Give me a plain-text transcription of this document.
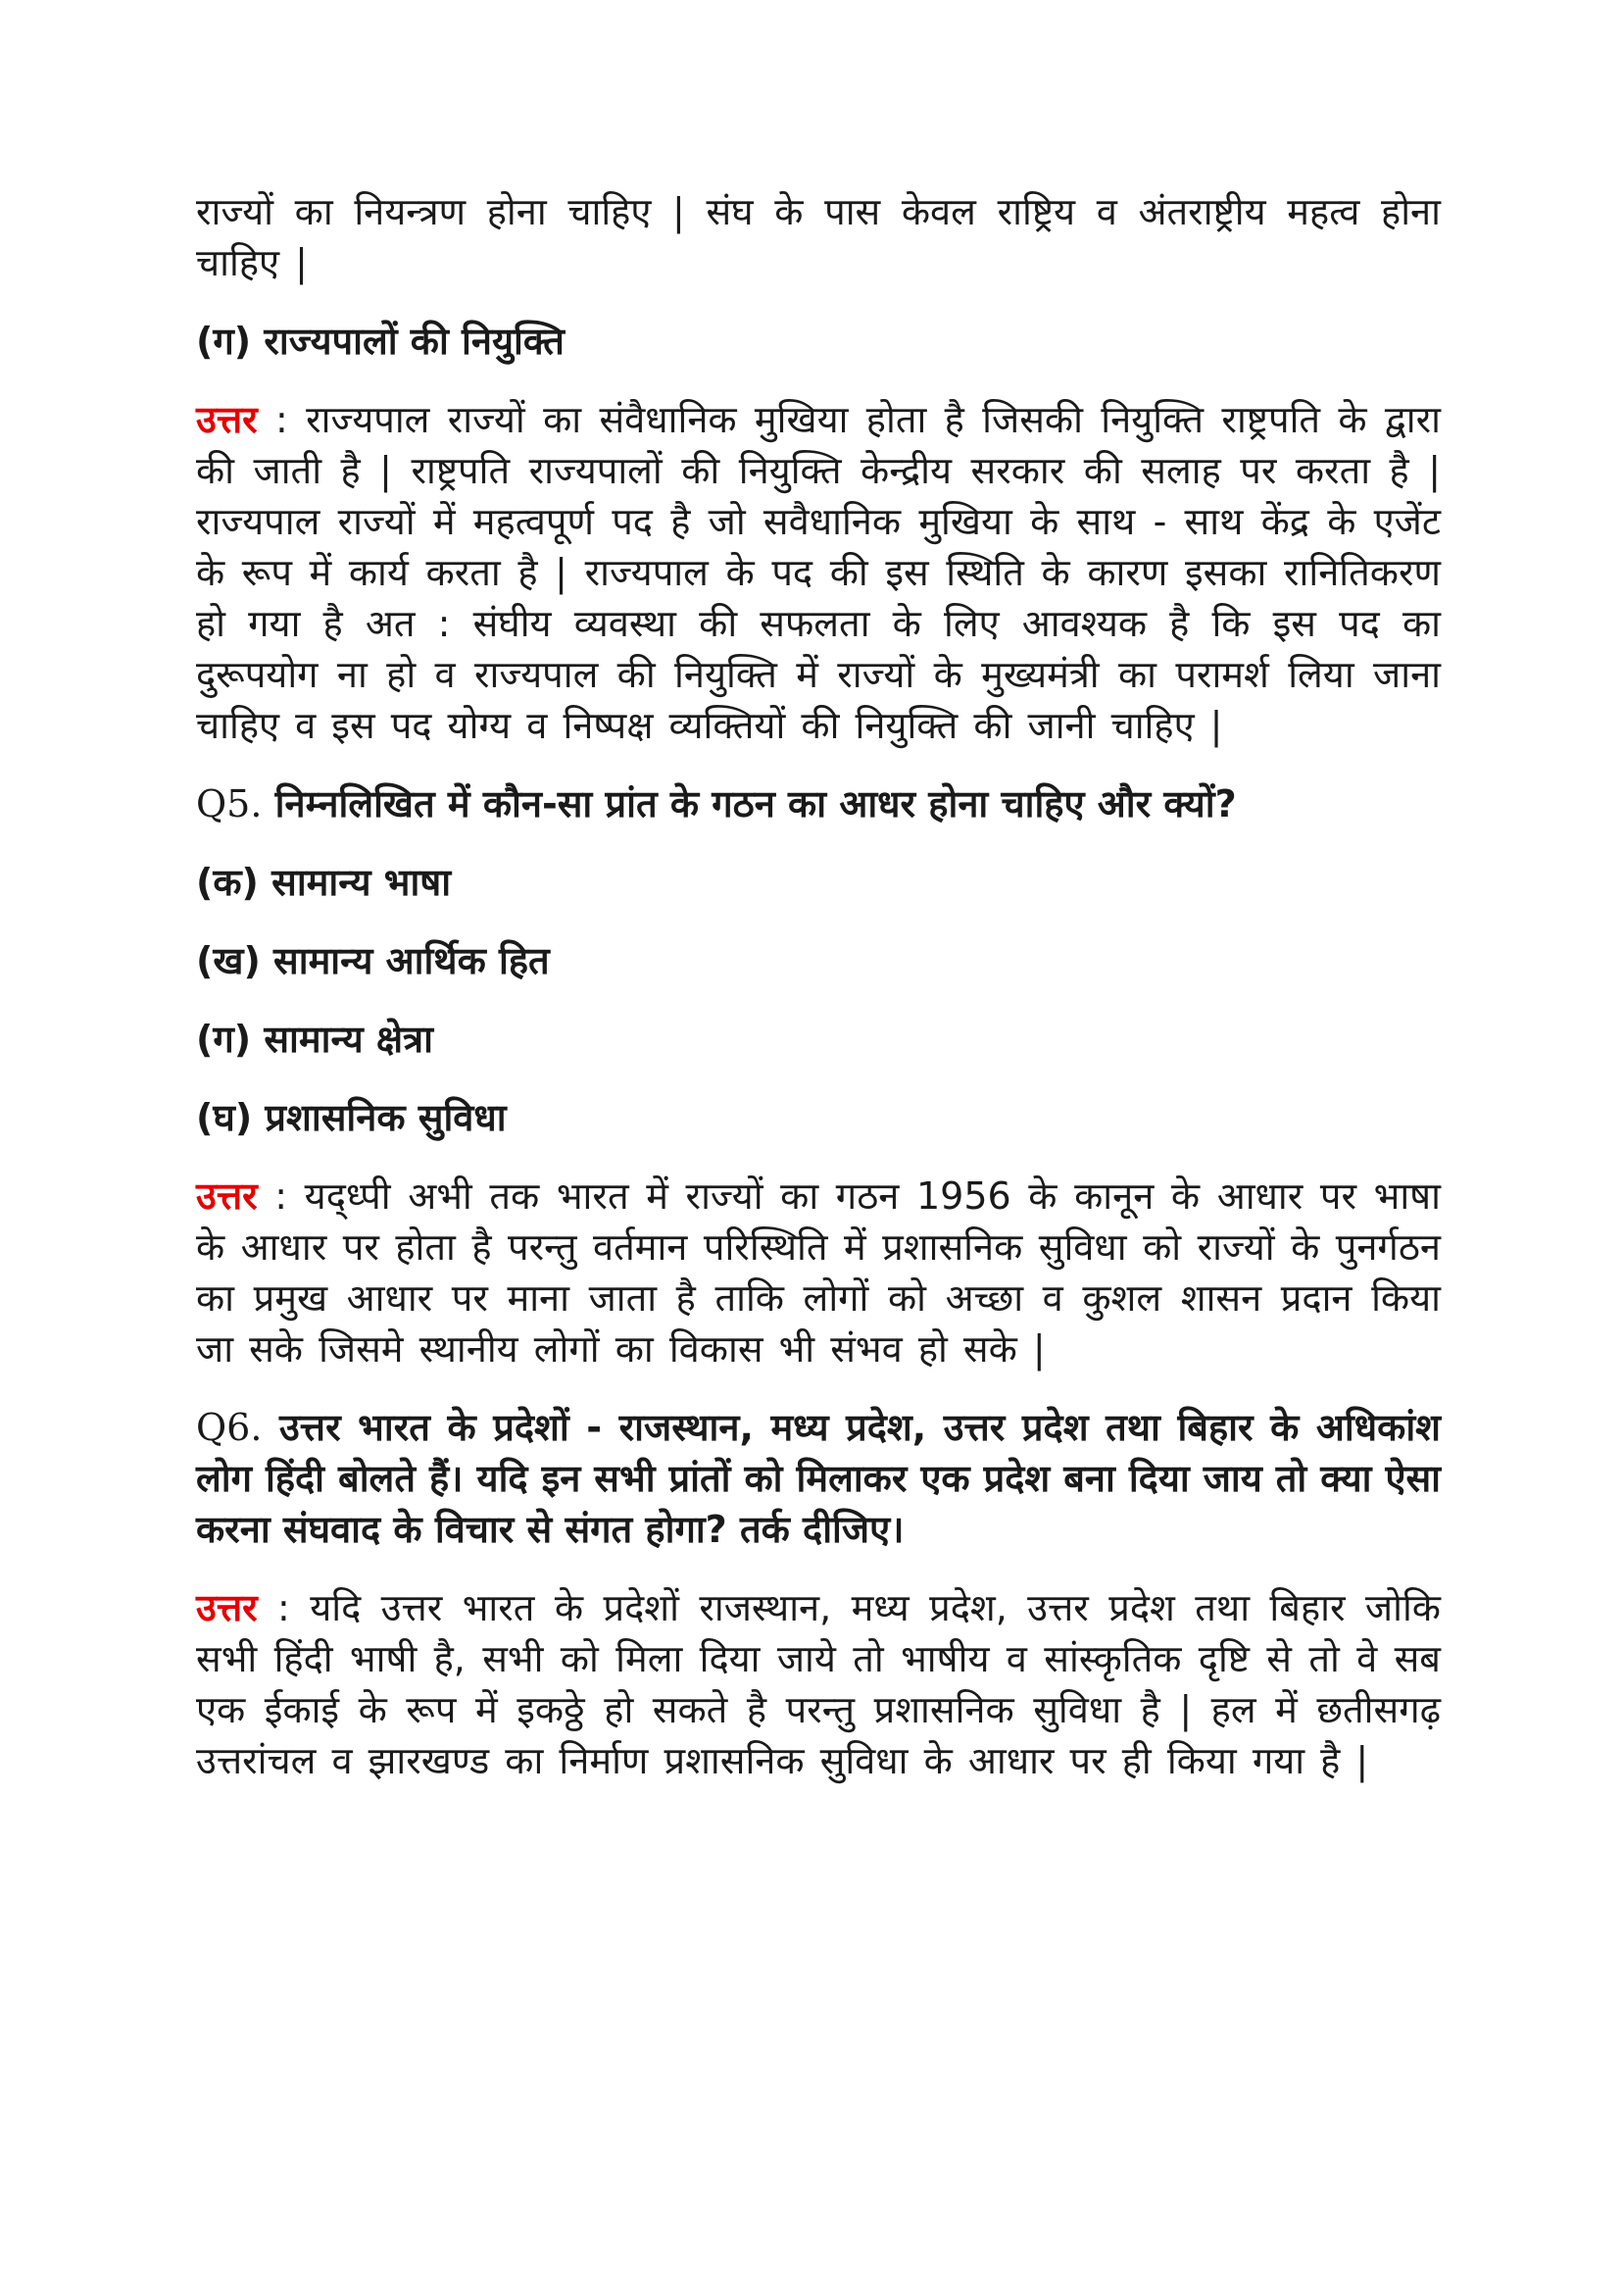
राज्यों का नियन्त्रण होना चाहिए | संघ के पास केवल राष्ट्रिय व अंतराष्ट्रीय महत्व होना चाहिए |

(ग) राज्यपालों की नियुक्ति

उत्तर : राज्यपाल राज्यों का संवैधानिक मुखिया होता है जिसकी नियुक्ति राष्ट्रपति के द्वारा की जाती है | राष्ट्रपति राज्यपालों की नियुक्ति केन्द्रीय सरकार की सलाह पर करता है | राज्यपाल राज्यों में महत्वपूर्ण पद है जो सवैधानिक मुखिया के साथ - साथ केंद्र के एजेंट के रूप में कार्य करता है | राज्यपाल के पद की इस स्थिति के कारण इसका रानितिकरण हो गया है अत : संघीय व्यवस्था की सफलता के लिए आवश्यक है कि इस पद का दुरूपयोग ना हो व राज्यपाल की नियुक्ति में राज्यों के मुख्यमंत्री का परामर्श लिया जाना चाहिए व इस पद योग्य व निष्पक्ष व्यक्तियों की नियुक्ति की जानी चाहिए |

Q5. निम्नलिखित में कौन-सा प्रांत के गठन का आधर होना चाहिए और क्यों?

(क) सामान्य भाषा

(ख) सामान्य आर्थिक हित

(ग) सामान्य क्षेत्रा

(घ) प्रशासनिक सुविधा

उत्तर : यद्ध्पी अभी तक भारत में राज्यों का गठन 1956 के कानून के आधार पर भाषा के आधार पर होता है परन्तु वर्तमान परिस्थिति में प्रशासनिक सुविधा को राज्यों के पुनर्गठन का प्रमुख आधार पर माना जाता है ताकि लोगों को अच्छा व कुशल शासन प्रदान किया जा सके जिसमे स्थानीय लोगों का विकास भी संभव हो सके |

Q6. उत्तर भारत के प्रदेशों - राजस्थान, मध्य प्रदेश, उत्तर प्रदेश तथा बिहार के अधिकांश लोग हिंदी बोलते हैं। यदि इन सभी प्रांतों को मिलाकर एक प्रदेश बना दिया जाय तो क्या ऐसा करना संघवाद के विचार से संगत होगा? तर्क दीजिए।

उत्तर : यदि उत्तर भारत के प्रदेशों राजस्थान, मध्य प्रदेश, उत्तर प्रदेश तथा बिहार जोकि सभी हिंदी भाषी है, सभी को मिला दिया जाये तो भाषीय व सांस्कृतिक दृष्टि से तो वे सब एक ईकाई के रूप में इकठ्ठे हो सकते है परन्तु प्रशासनिक सुविधा है | हल में छतीसगढ़ उत्तरांचल व झारखण्ड का निर्माण प्रशासनिक सुविधा के आधार पर ही किया गया है |
